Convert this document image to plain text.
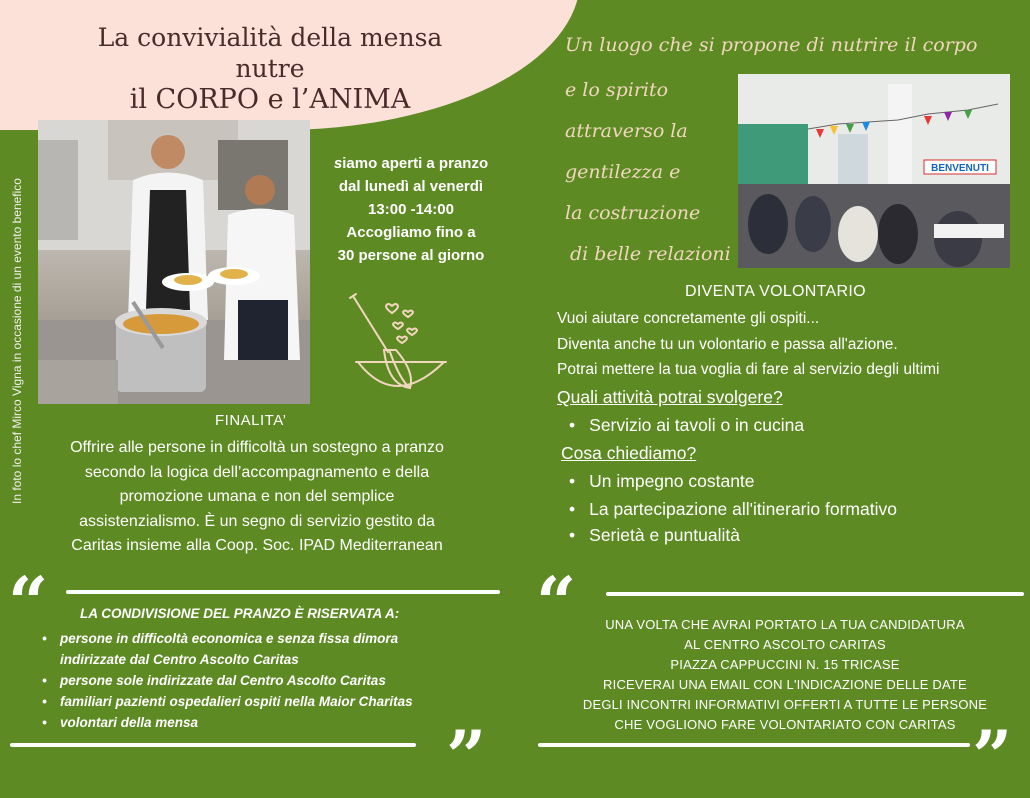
La convivialità della mensa
nutre
il CORPO e l’ANIMA
In foto lo chef Mirco Vigna in occasione di un evento benefico
siamo aperti a pranzo
dal lunedì al venerdì
13:00 -14:00
Accogliamo fino a
30 persone al giorno
FINALITA’
Offrire alle persone in difficoltà un sostegno a pranzo
secondo la logica dell’accompagnamento e della
promozione umana e non del semplice
assistenzialismo. È un segno di servizio gestito da
Caritas insieme alla Coop. Soc. IPAD Mediterranean
Un luogo che si propone di nutrire il corpo
e lo spirito
attraverso la
gentilezza e
la costruzione
di belle relazioni
BENVENUTI
DIVENTA VOLONTARIO
Vuoi aiutare concretamente gli ospiti...
Diventa anche tu un volontario e passa all'azione.
Potrai mettere la tua voglia di fare al servizio degli ultimi
Quali attività potrai svolgere?
• Servizio ai tavoli o in cucina
Cosa chiediamo?
• Un impegno costante
• La partecipazione all'itinerario formativo
• Serietà e puntualità
“ LA CONDIVISIONE DEL PRANZO È RISERVATA A:
• persone in difficoltà economica e senza fissa dimora
indirizzate dal Centro Ascolto Caritas
• persone sole indirizzate dal Centro Ascolto Caritas
• familiari pazienti ospedalieri ospiti nella Maior Charitas
• volontari della mensa	”
“	UNA VOLTA CHE AVRAI PORTATO LA TUA CANDIDATURA
AL CENTRO ASCOLTO CARITAS
PIAZZA CAPPUCCINI N. 15 TRICASE
RICEVERAI UNA EMAIL CON L'INDICAZIONE DELLE DATE
DEGLI INCONTRI INFORMATIVI OFFERTI A TUTTE LE PERSONE
CHE VOGLIONO FARE VOLONTARIATO CON CARITAS ”
